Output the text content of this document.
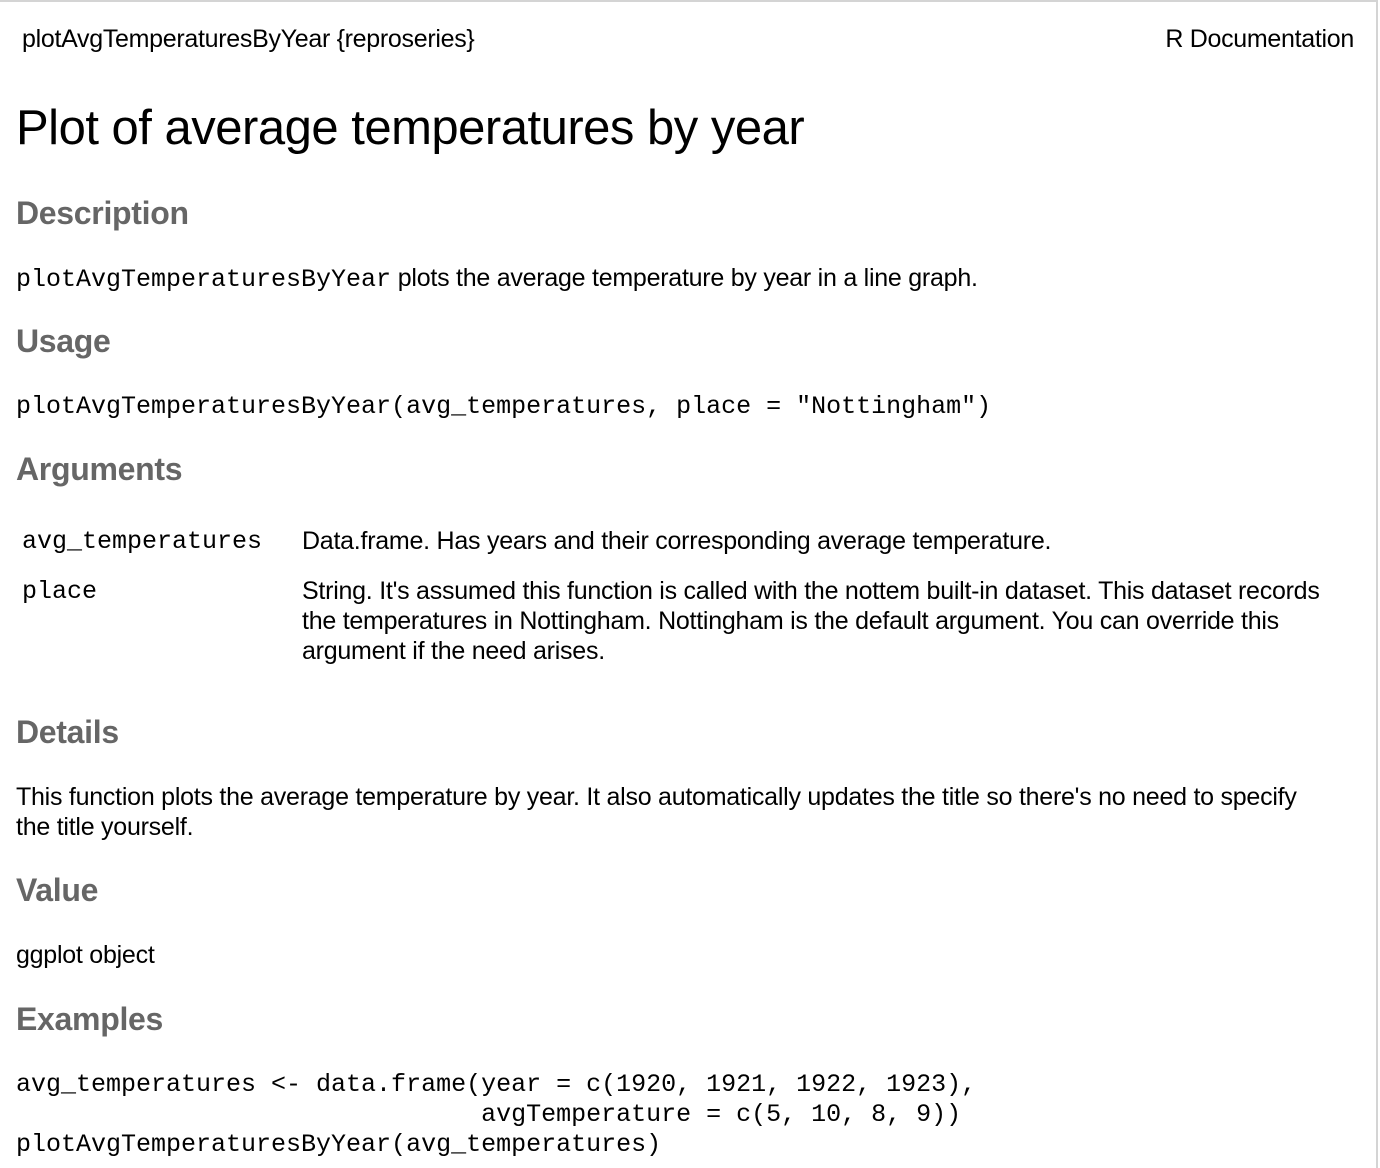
plotAvgTemperaturesByYear {reproseries}	R Documentation
Plot of average temperatures by year
Description

plotAvgTemperaturesByYear plots the average temperature by year in a line graph.

Usage
plotAvgTemperaturesByYear(avg_temperatures, place = "Nottingham")
Arguments
avg_temperatures Data.frame. Has years and their corresponding average temperature.
place	String. It's assumed this function is called with the nottem built-in dataset. This dataset records the temperatures in Nottingham. Nottingham is the default argument. You can override this argument if the need arises.
Details

This function plots the average temperature by year. It also automatically updates the title so there's no need to specify the title yourself.

Value

ggplot object

Examples
avg_temperatures <- data.frame(year = c(1920, 1921, 1922, 1923),
avgTemperature = c(5, 10, 8, 9))
plotAvgTemperaturesByYear(avg_temperatures)
